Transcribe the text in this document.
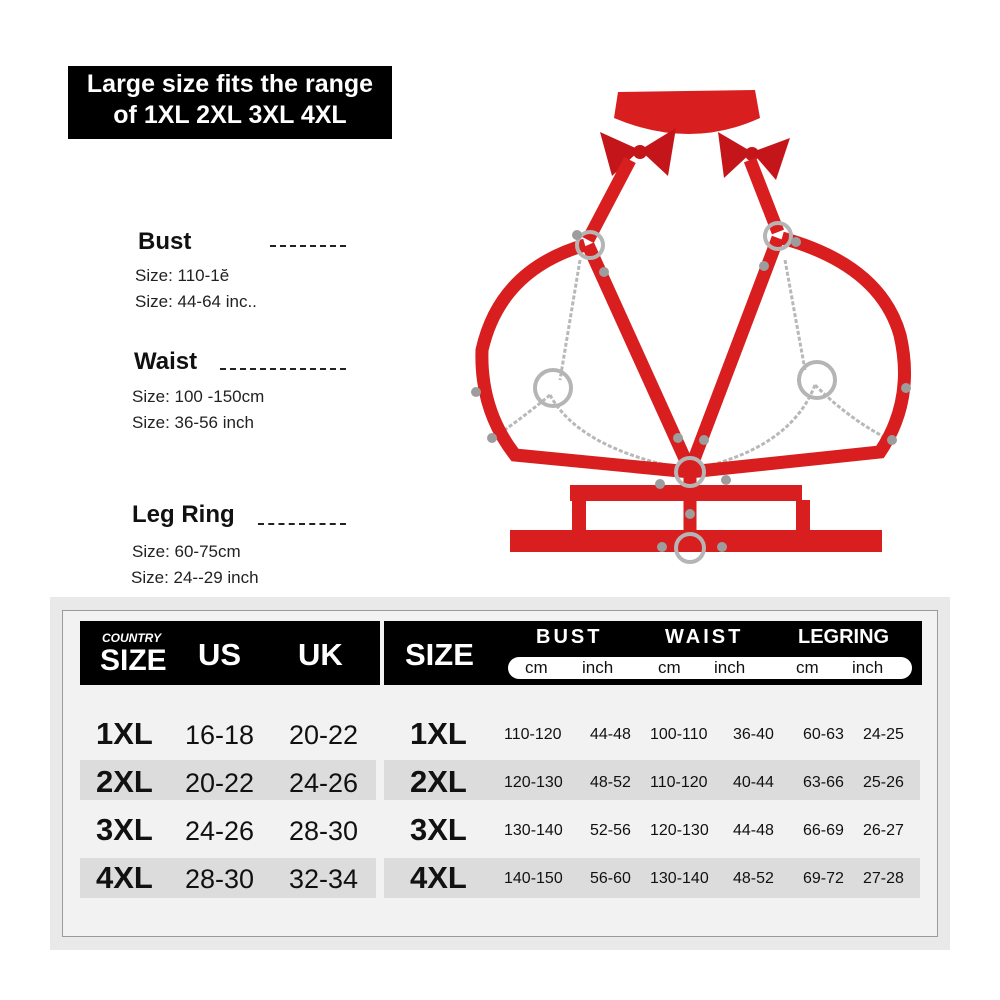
Large size fits the range
of 1XL 2XL 3XL 4XL
Bust
Size: 110-1ĕ
Size: 44-64 inc..
Waist
Size: 100 -150cm
Size: 36-56 inch
Leg Ring
Size: 60-75cm
Size: 24--29 inch
COUNTRY
SIZE US UK SIZE	BUST	WAIST	LEGRING
cm inch	cm inch	cm inch
1XL 16-18 20-22 1XL 110-120 44-48 100-110 36-40 60-63 24-25
2XL 20-22 24-26 2XL 120-130 48-52 110-120 40-44 63-66 25-26
3XL 24-26 28-30 3XL 130-140 52-56 120-130 44-48 66-69 26-27
4XL 28-30 32-34 4XL 140-150 56-60 130-140 48-52 69-72 27-28
